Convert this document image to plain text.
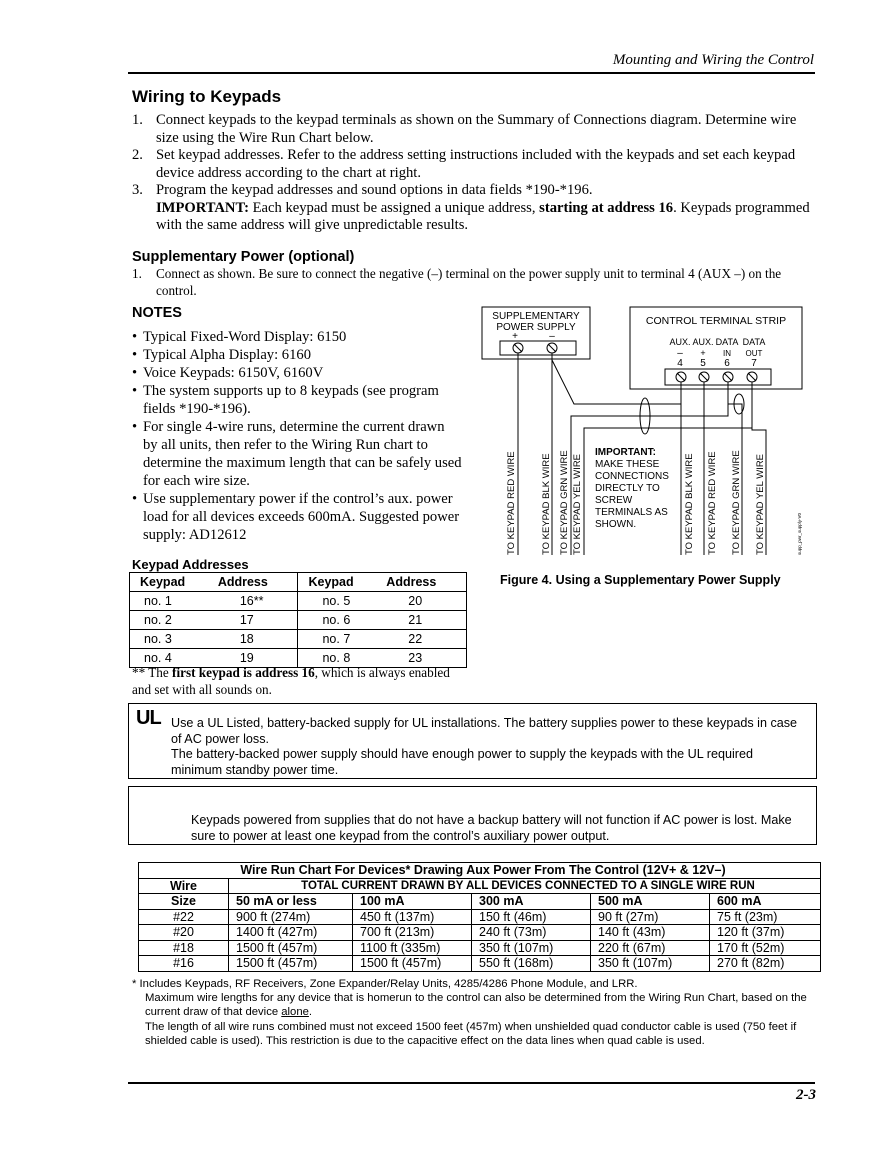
Mounting and Wiring the Control
Wiring to Keypads
1. Connect keypads to the keypad terminals as shown on the Summary of Connections diagram. Determine wire size using the Wire Run Chart below.
2. Set keypad addresses. Refer to the address setting instructions included with the keypads and set each keypad device address according to the chart at right.
3. Program the keypad addresses and sound options in data fields *190-*196.
IMPORTANT: Each keypad must be assigned a unique address, starting at address 16. Keypads programmed with the same address will give unpredictable results.
Supplementary Power (optional)
1.	Connect as shown. Be sure to connect the negative (–) terminal on the power supply unit to terminal 4 (AUX –) on the control.
NOTES
• Typical Fixed-Word Display: 6150
• Typical Alpha Display: 6160
• Voice Keypads: 6150V, 6160V
• The system supports up to 8 keypads (see program fields *190-*196).
• For single 4-wire runs, determine the current drawn by all units, then refer to the Wiring Run chart to determine the maximum length that can be safely used for each wire size.
• Use supplementary power if the control’s aux. power load for all devices exceeds 600mA. Suggested power supply: AD12612
Keypad Addresses
Keypad	Address	Keypad	Address
no. 1	16**	no. 5	20
no. 2	17	no. 6	21
no. 3	18	no. 7	22
no. 4	19	no. 8	23
** The first keypad is address 16, which is always enabled and set with all sounds on.
SUPPLEMENTARY
POWER SUPPLY
+	–
CONTROL TERMINAL STRIP
AUX. AUX. DATA DATA
– + IN OUT
4 5 6 7
TO KEYPAD RED WIRE	TO KEYPAD BLK WIRE TO KEYPAD GRN WIRE TO KEYPAD YEL WIRE	TO KEYPAD BLK WIRE TO KEYPAD RED WIRE TO KEYPAD GRN WIRE TO KEYPAD YEL WIRE
IMPORTANT:
MAKE THESE
CONNECTIONS
DIRECTLY TO
SCREW
TERMINALS AS
SHOWN.	supp_pwr_supply-V0
Figure 4. Using a Supplementary Power Supply
UL Use a UL Listed, battery-backed supply for UL installations. The battery supplies power to these keypads in case of AC power loss.
The battery-backed power supply should have enough power to supply the keypads with the UL required minimum standby power time.
Keypads powered from supplies that do not have a backup battery will not function if AC power is lost. Make sure to power at least one keypad from the control’s auxiliary power output.
Wire Run Chart For Devices* Drawing Aux Power From The Control (12V+ & 12V–)					
Wire	TOTAL CURRENT DRAWN BY ALL DEVICES CONNECTED TO A SINGLE WIRE RUN				
Size	50 mA or less	100 mA	300 mA	500 mA	600 mA
#22	900 ft (274m)	450 ft (137m)	150 ft (46m)	90 ft (27m)	75 ft (23m)
#20	1400 ft (427m)	700 ft (213m)	240 ft (73m)	140 ft (43m)	120 ft (37m)
#18	1500 ft (457m)	1100 ft (335m)	350 ft (107m)	220 ft (67m)	170 ft (52m)
#16	1500 ft (457m)	1500 ft (457m)	550 ft (168m)	350 ft (107m)	270 ft (82m)
* Includes Keypads, RF Receivers, Zone Expander/Relay Units, 4285/4286 Phone Module, and LRR.
Maximum wire lengths for any device that is homerun to the control can also be determined from the Wiring Run Chart, based on the current draw of that device alone.
The length of all wire runs combined must not exceed 1500 feet (457m) when unshielded quad conductor cable is used (750 feet if shielded cable is used). This restriction is due to the capacitive effect on the data lines when quad cable is used.
2-3
